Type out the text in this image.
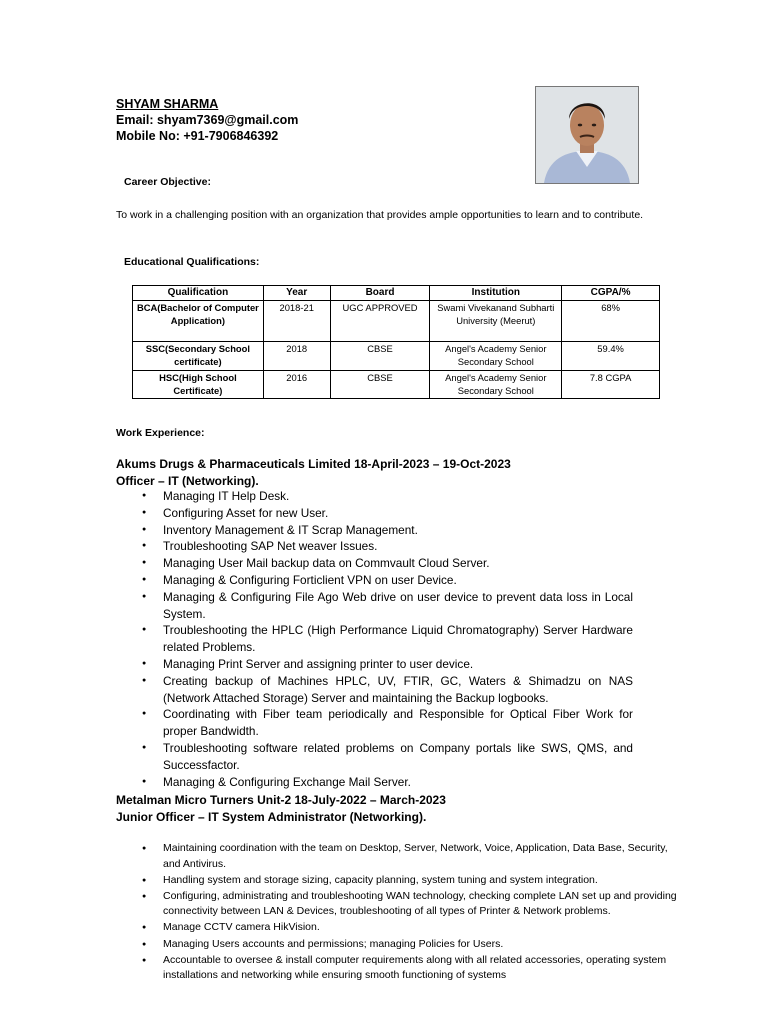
SHYAM SHARMA
Email: shyam7369@gmail.com
Mobile No: +91-7906846392
Career Objective:
To work in a challenging position with an organization that provides ample opportunities to learn and to contribute.
Educational Qualifications:
Qualification	Year	Board	Institution	CGPA/%
BCA(Bachelor of Computer Application)	2018-21	UGC APPROVED	Swami Vivekanand Subharti University (Meerut)	68%
SSC(Secondary School certificate)	2018	CBSE	Angel's Academy Senior Secondary School	59.4%
HSC(High School Certificate)	2016	CBSE	Angel's Academy Senior Secondary School	7.8 CGPA
Work Experience:
Akums Drugs & Pharmaceuticals Limited 18-April-2023 – 19-Oct-2023
Officer – IT (Networking).
● Managing IT Help Desk.
● Configuring Asset for new User.
● Inventory Management & IT Scrap Management.
● Troubleshooting SAP Net weaver Issues.
● Managing User Mail backup data on Commvault Cloud Server.
● Managing & Configuring Forticlient VPN on user Device.
● Managing & Configuring File Ago Web drive on user device to prevent data loss in Local System.
● Troubleshooting the HPLC (High Performance Liquid Chromatography) Server Hardware related Problems.
● Managing Print Server and assigning printer to user device.
● Creating backup of Machines HPLC, UV, FTIR, GC, Waters & Shimadzu on NAS (Network Attached Storage) Server and maintaining the Backup logbooks.
● Coordinating with Fiber team periodically and Responsible for Optical Fiber Work for proper Bandwidth.
● Troubleshooting software related problems on Company portals like SWS, QMS, and Successfactor.
● Managing & Configuring Exchange Mail Server.
Metalman Micro Turners Unit-2 18-July-2022 – March-2023
Junior Officer – IT System Administrator (Networking).
● Maintaining coordination with the team on Desktop, Server, Network, Voice, Application, Data Base, Security, and Antivirus.
● Handling system and storage sizing, capacity planning, system tuning and system integration.
● Configuring, administrating and troubleshooting WAN technology, checking complete LAN set up and providing connectivity between LAN & Devices, troubleshooting of all types of Printer & Network problems.
● Manage CCTV camera HikVision.
● Managing Users accounts and permissions; managing Policies for Users.
● Accountable to oversee & install computer requirements along with all related accessories, operating system installations and networking while ensuring smooth functioning of systems
